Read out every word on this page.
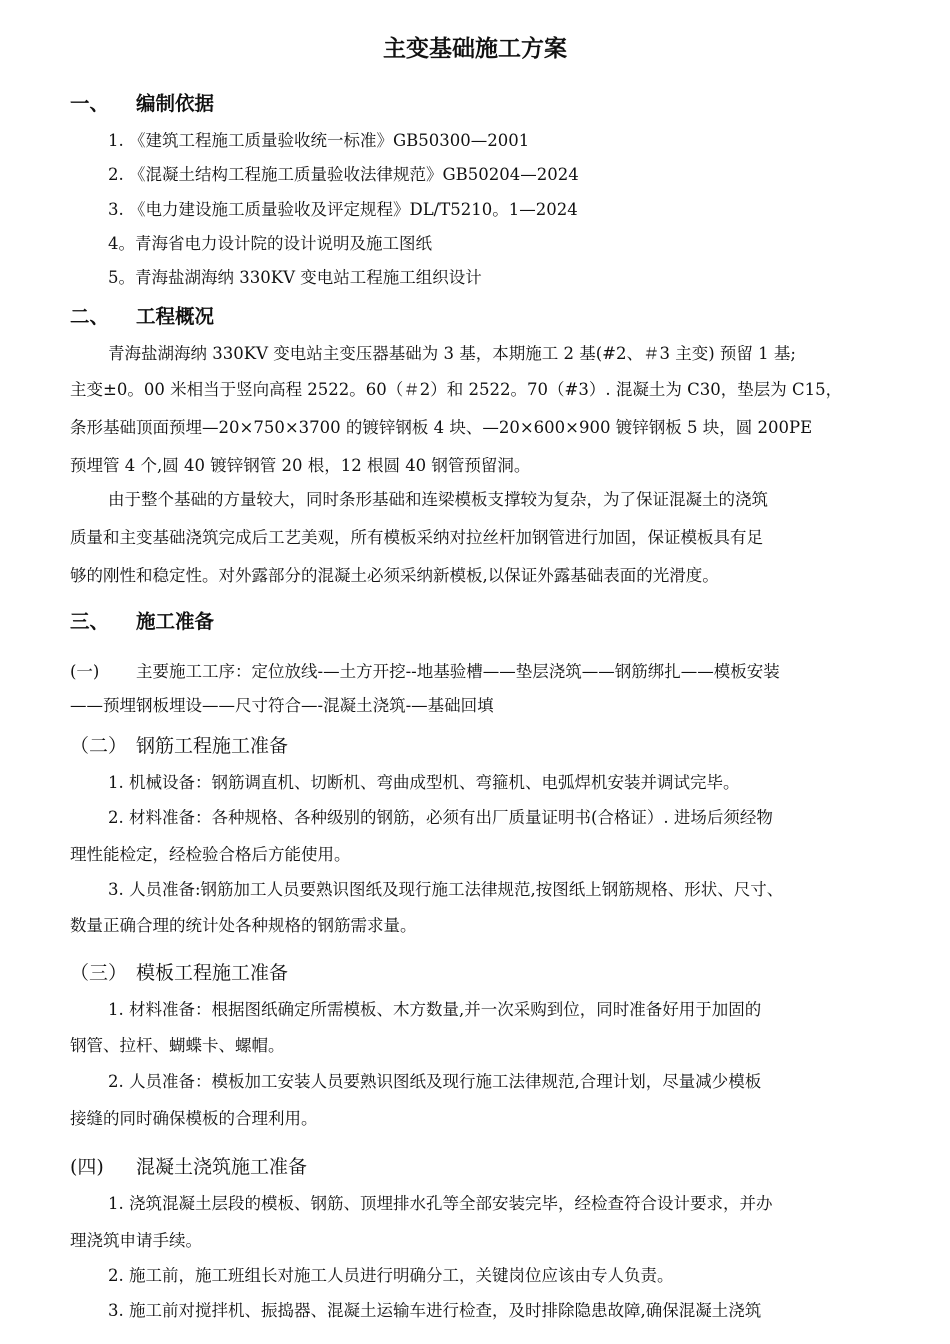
主变基础施工方案
一、 编制依据
1. 《建筑工程施工质量验收统一标准》GB50300—2001
2. 《混凝土结构工程施工质量验收法律规范》GB50204—2024
3. 《电力建设施工质量验收及评定规程》DL/T5210。1—2024
4。青海省电力设计院的设计说明及施工图纸
5。青海盐湖海纳 330KV 变电站工程施工组织设计
二、 工程概况
青海盐湖海纳 330KV 变电站主变压器基础为 3 基，本期施工 2 基(#2、＃3 主变) 预留 1 基;
主变±0。00 米相当于竖向高程 2522。60（＃2）和 2522。70（#3）. 混凝土为 C30，垫层为 C15，
条形基础顶面预埋—20×750×3700 的镀锌钢板 4 块、—20×600×900 镀锌钢板 5 块，圆 200PE
预埋管 4 个,圆 40 镀锌钢管 20 根，12 根圆 40 钢管预留洞。
由于整个基础的方量较大，同时条形基础和连梁模板支撑较为复杂，为了保证混凝土的浇筑
质量和主变基础浇筑完成后工艺美观，所有模板采纳对拉丝杆加钢管进行加固，保证模板具有足
够的刚性和稳定性。对外露部分的混凝土必须采纳新模板,以保证外露基础表面的光滑度。
三、 施工准备
(一) 主要施工工序：定位放线-—土方开挖--地基验槽——垫层浇筑——钢筋绑扎——模板安装
——预埋钢板埋设——尺寸符合—-混凝土浇筑-—基础回填
（二） 钢筋工程施工准备
1. 机械设备：钢筋调直机、切断机、弯曲成型机、弯箍机、电弧焊机安装并调试完毕。
2. 材料准备：各种规格、各种级别的钢筋，必须有出厂质量证明书(合格证）. 进场后须经物
理性能检定，经检验合格后方能使用。
3. 人员准备:钢筋加工人员要熟识图纸及现行施工法律规范,按图纸上钢筋规格、形状、尺寸、
数量正确合理的统计处各种规格的钢筋需求量。
（三） 模板工程施工准备
1. 材料准备：根据图纸确定所需模板、木方数量,并一次采购到位，同时准备好用于加固的
钢管、拉杆、蝴蝶卡、螺帽。
2. 人员准备：模板加工安装人员要熟识图纸及现行施工法律规范,合理计划，尽量减少模板
接缝的同时确保模板的合理利用。
(四) 混凝土浇筑施工准备
1. 浇筑混凝土层段的模板、钢筋、顶埋排水孔等全部安装完毕，经检查符合设计要求，并办
理浇筑申请手续。
2. 施工前，施工班组长对施工人员进行明确分工，关键岗位应该由专人负责。
3. 施工前对搅拌机、振捣器、混凝土运输车进行检查，及时排除隐患故障,确保混凝土浇筑
